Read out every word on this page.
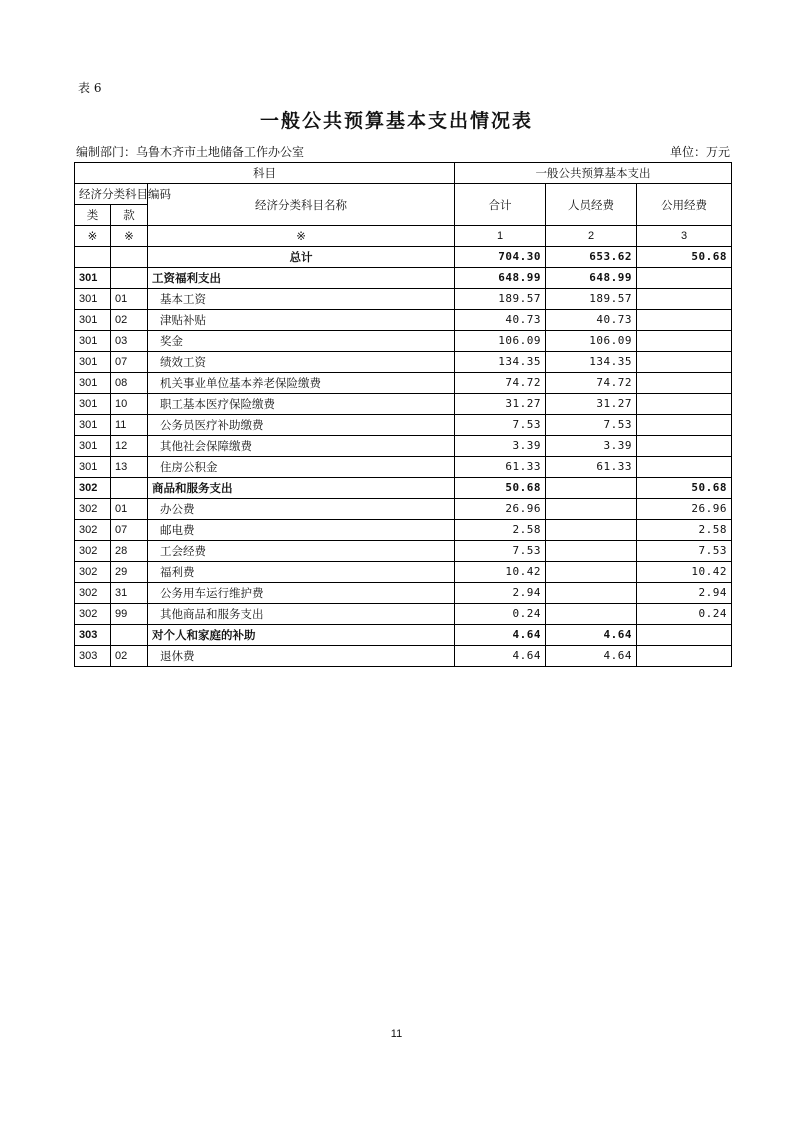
表 6
一般公共预算基本支出情况表
编制部门：乌鲁木齐市土地储备工作办公室	单位：万元
科目			一般公共预算基本支出		
经济分类科目编码		经济分类科目名称	合计	人员经费	公用经费
类	款				
※	※	※	1	2	3
		总计	704.30	653.62	50.68
301		工资福利支出	648.99	648.99	
301	01	基本工资	189.57	189.57	
301	02	津贴补贴	40.73	40.73	
301	03	奖金	106.09	106.09	
301	07	绩效工资	134.35	134.35	
301	08	机关事业单位基本养老保险缴费	74.72	74.72	
301	10	职工基本医疗保险缴费	31.27	31.27	
301	11	公务员医疗补助缴费	7.53	7.53	
301	12	其他社会保障缴费	3.39	3.39	
301	13	住房公积金	61.33	61.33	
302		商品和服务支出	50.68		50.68
302	01	办公费	26.96		26.96
302	07	邮电费	2.58		2.58
302	28	工会经费	7.53		7.53
302	29	福利费	10.42		10.42
302	31	公务用车运行维护费	2.94		2.94
302	99	其他商品和服务支出	0.24		0.24
303		对个人和家庭的补助	4.64	4.64	
303	02	退休费	4.64	4.64	
11
